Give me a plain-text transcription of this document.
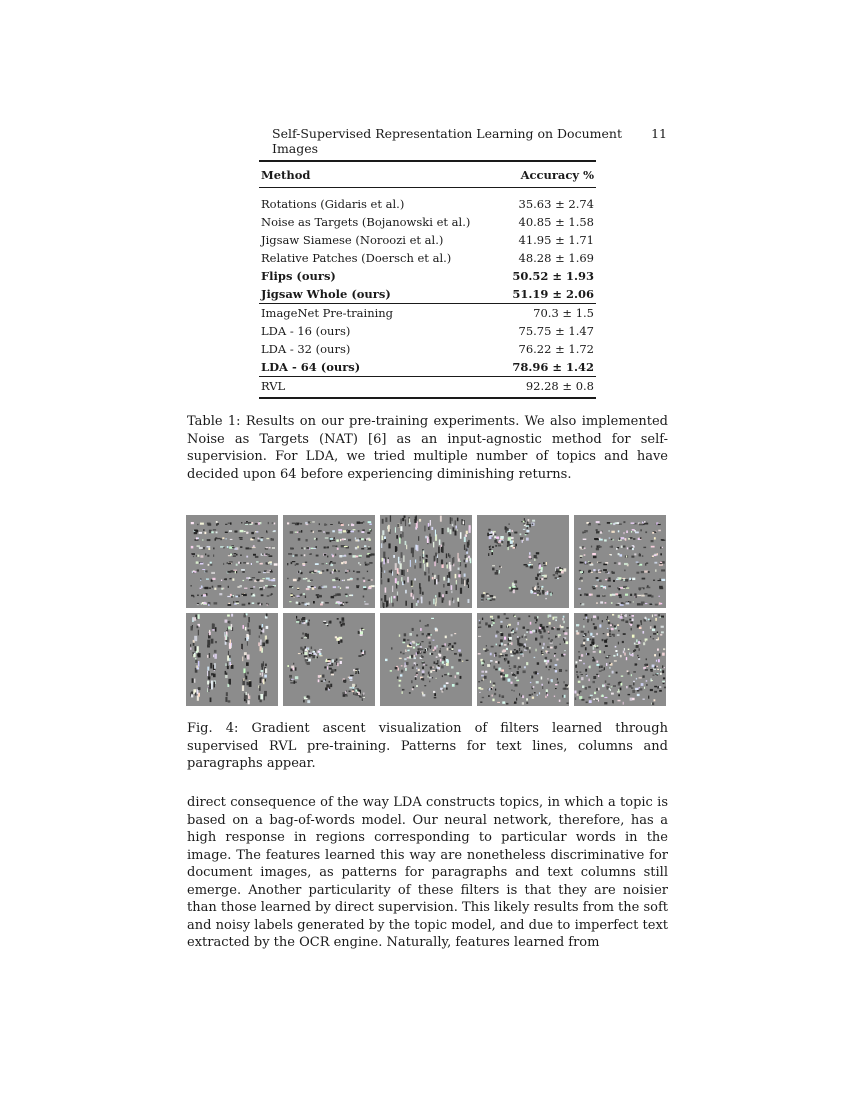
Self-Supervised Representation Learning on Document Images
11
Method	Accuracy %
Rotations (Gidaris et al.)	35.63 ± 2.74
Noise as Targets (Bojanowski et al.)	40.85 ± 1.58
Jigsaw Siamese (Noroozi et al.)	41.95 ± 1.71
Relative Patches (Doersch et al.)	48.28 ± 1.69
Flips (ours)	50.52 ± 1.93
Jigsaw Whole (ours)	51.19 ± 2.06
ImageNet Pre-training	70.3 ± 1.5
LDA - 16 (ours)	75.75 ± 1.47
LDA - 32 (ours)	76.22 ± 1.72
LDA - 64 (ours)	78.96 ± 1.42
RVL	92.28 ± 0.8
Table 1: Results on our pre-training experiments. We also implemented Noise as Targets (NAT) [6] as an input-agnostic method for self-supervision. For LDA, we tried multiple number of topics and have decided upon 64 before experiencing diminishing returns.
Fig. 4: Gradient ascent visualization of filters learned through supervised RVL pre-training. Patterns for text lines, columns and paragraphs appear.
direct consequence of the way LDA constructs topics, in which a topic is based on a bag-of-words model. Our neural network, therefore, has a high response in regions corresponding to particular words in the image. The features learned this way are nonetheless discriminative for document images, as patterns for paragraphs and text columns still emerge. Another particularity of these filters is that they are noisier than those learned by direct supervision. This likely results from the soft and noisy labels generated by the topic model, and due to imperfect text extracted by the OCR engine. Naturally, features learned from
